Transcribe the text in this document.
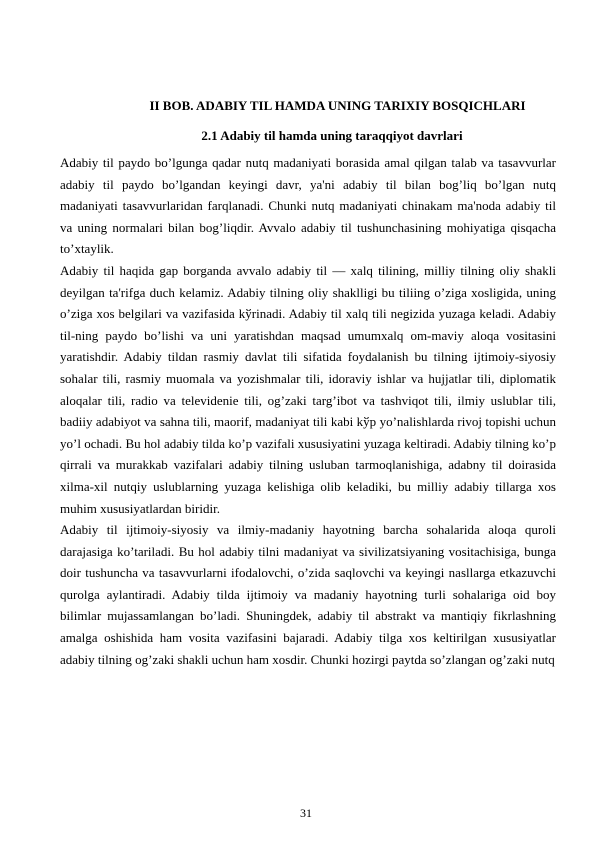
II BOB. ADABIY TIL HAMDA UNING TARIXIY BOSQICHLARI
2.1 Adabiy til hamda uning taraqqiyot davrlari

Adabiy til paydo bo’lgunga qadar nutq madaniyati borasida amal qilgan talab va tasavvurlar adabiy til paydo bo’lgandan keyingi davr, ya'ni adabiy til bilan bog’liq bo’lgan nutq madaniyati tasavvurlaridan farqlanadi. Chunki nutq madaniyati chinakam ma'noda adabiy til va uning normalari bilan bog’liqdir. Avvalo adabiy til tushunchasining mohiyatiga qisqacha to’xtaylik.

Adabiy til haqida gap borganda avvalo adabiy til — xalq tilining, milliy tilning oliy shakli deyilgan ta'rifga duch kelamiz. Adabiy tilning oliy shaklligi bu tiliing o’ziga xosligida, uning o’ziga xos belgilari va vazifasida kўrinadi. Adabiy til xalq tili negizida yuzaga keladi. Adabiy til-ning paydo bo’lishi va uni yaratishdan maqsad umumxalq om-maviy aloqa vositasini yaratishdir. Adabiy tildan rasmiy davlat tili sifatida foydalanish bu tilning ijtimoiy-siyosiy sohalar tili, rasmiy muomala va yozishmalar tili, idoraviy ishlar va hujjatlar tili, diplomatik aloqalar tili, radio va televidenie tili, og’zaki targ’ibot va tashviqot tili, ilmiy uslublar tili, badiiy adabiyot va sahna tili, maorif, madaniyat tili kabi kўp yo’nalishlarda rivoj topishi uchun yo’l ochadi. Bu hol adabiy tilda ko’p vazifali xususiyatini yuzaga keltiradi. Adabiy tilning ko’p qirrali va murakkab vazifalari adabiy tilning usluban tarmoqlanishiga, adabny til doirasida xilma-xil nutqiy uslublarning yuzaga kelishiga olib keladiki, bu milliy adabiy tillarga xos muhim xususiyatlardan biridir.

Adabiy til ijtimoiy-siyosiy va ilmiy-madaniy hayotning barcha sohalarida aloqa quroli darajasiga ko’tariladi. Bu hol adabiy tilni madaniyat va sivilizatsiyaning vositachisiga, bunga doir tushuncha va tasavvurlarni ifodalovchi, o’zida saqlovchi va keyingi nasllarga etkazuvchi qurolga aylantiradi. Adabiy tilda ijtimoiy va madaniy hayotning turli sohalariga oid boy bilimlar mujassamlangan bo’ladi. Shuningdek, adabiy til abstrakt va mantiqiy fikrlashning amalga oshishida ham vosita vazifasini bajaradi. Adabiy tilga xos keltirilgan xususiyatlar adabiy tilning og’zaki shakli uchun ham xosdir. Chunki hozirgi paytda so’zlangan og’zaki nutq

31
